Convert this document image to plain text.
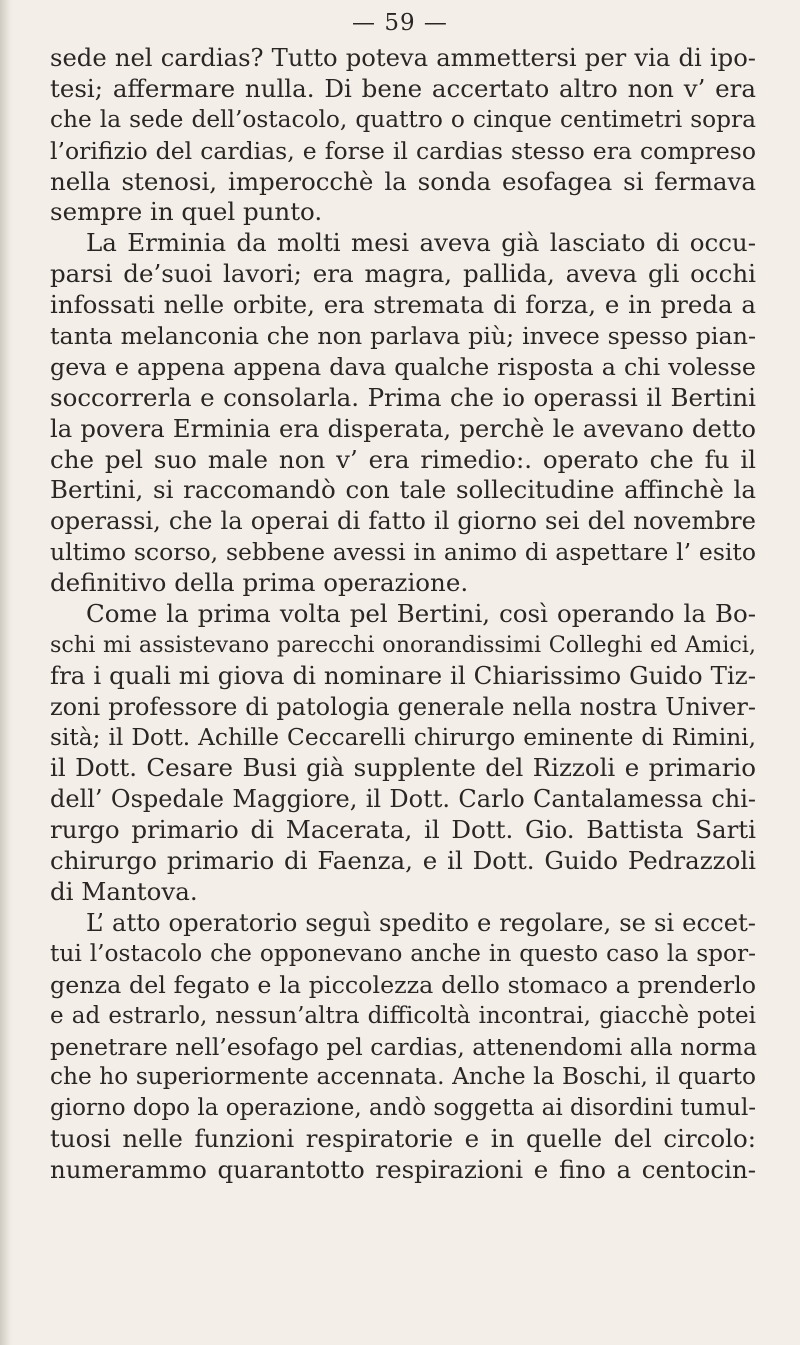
— 59 —
sede nel cardias? Tutto poteva ammettersi per via di ipo-
tesi; affermare nulla. Di bene accertato altro non v’ era
che la sede dell’ostacolo, quattro o cinque centimetri sopra
l’orifizio del cardias, e forse il cardias stesso era compreso
nella stenosi, imperocchè la sonda esofagea si fermava
sempre in quel punto.
La Erminia da molti mesi aveva già lasciato di occu-
parsi de’suoi lavori; era magra, pallida, aveva gli occhi
infossati nelle orbite, era stremata di forza, e in preda a
tanta melanconia che non parlava più; invece spesso pian-
geva e appena appena dava qualche risposta a chi volesse
soccorrerla e consolarla. Prima che io operassi il Bertini
la povera Erminia era disperata, perchè le avevano detto
che pel suo male non v’ era rimedio:. operato che fu il
Bertini, si raccomandò con tale sollecitudine affinchè la
operassi, che la operai di fatto il giorno sei del novembre
ultimo scorso, sebbene avessi in animo di aspettare l’ esito
definitivo della prima operazione.
Come la prima volta pel Bertini, così operando la Bo-
schi mi assistevano parecchi onorandissimi Colleghi ed Amici,
fra i quali mi giova di nominare il Chiarissimo Guido Tiz-
zoni professore di patologia generale nella nostra Univer-
sità; il Dott. Achille Ceccarelli chirurgo eminente di Rimini,
il Dott. Cesare Busi già supplente del Rizzoli e primario
dell’ Ospedale Maggiore, il Dott. Carlo Cantalamessa chi-
rurgo primario di Macerata, il Dott. Gio. Battista Sarti
chirurgo primario di Faenza, e il Dott. Guido Pedrazzoli
di Mantova.
L’ atto operatorio seguì spedito e regolare, se si eccet-
tui l’ostacolo che opponevano anche in questo caso la spor-
genza del fegato e la piccolezza dello stomaco a prenderlo
e ad estrarlo, nessun’altra difficoltà incontrai, giacchè potei
penetrare nell’esofago pel cardias, attenendomi alla norma
che ho superiormente accennata. Anche la Boschi, il quarto
giorno dopo la operazione, andò soggetta ai disordini tumul-
tuosi nelle funzioni respiratorie e in quelle del circolo:
numerammo quarantotto respirazioni e fino a centocin-
